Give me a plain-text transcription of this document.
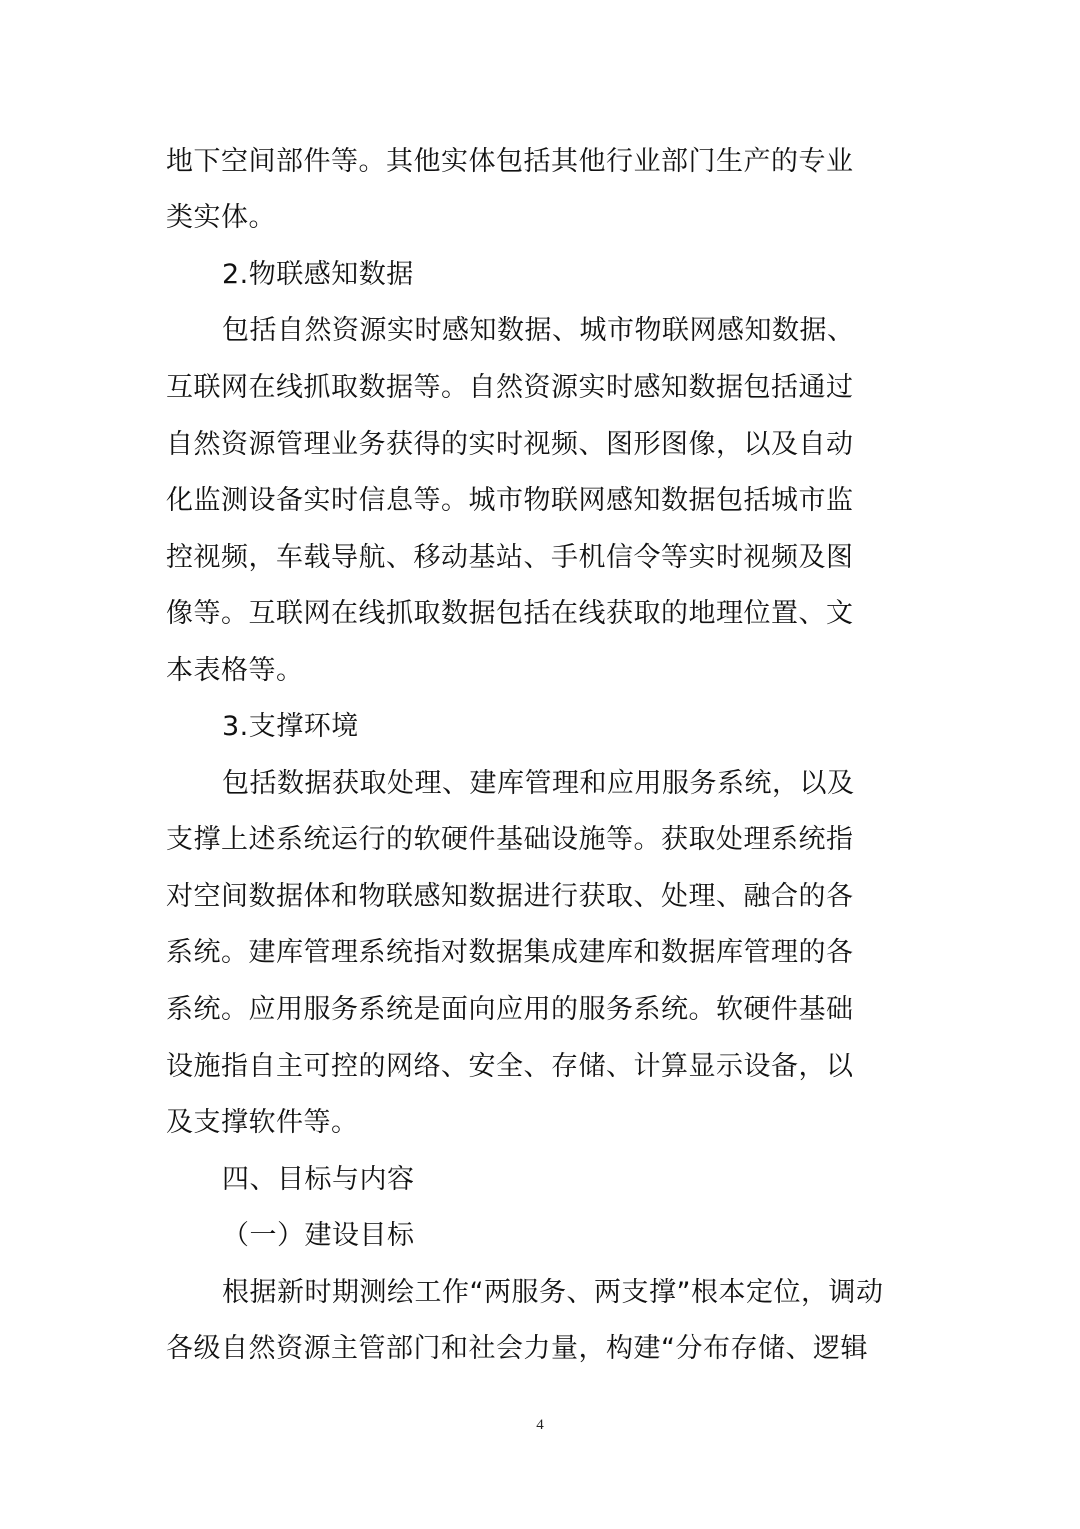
地下空间部件等。其他实体包括其他行业部门生产的专业
类实体。
2.物联感知数据
包括自然资源实时感知数据、城市物联网感知数据、
互联网在线抓取数据等。自然资源实时感知数据包括通过
自然资源管理业务获得的实时视频、图形图像，以及自动
化监测设备实时信息等。城市物联网感知数据包括城市监
控视频，车载导航、移动基站、手机信令等实时视频及图
像等。互联网在线抓取数据包括在线获取的地理位置、文
本表格等。
3.支撑环境
包括数据获取处理、建库管理和应用服务系统，以及
支撑上述系统运行的软硬件基础设施等。获取处理系统指
对空间数据体和物联感知数据进行获取、处理、融合的各
系统。建库管理系统指对数据集成建库和数据库管理的各
系统。应用服务系统是面向应用的服务系统。软硬件基础
设施指自主可控的网络、安全、存储、计算显示设备，以
及支撑软件等。
四、目标与内容
（一）建设目标
根据新时期测绘工作“两服务、两支撑”根本定位，调动
各级自然资源主管部门和社会力量，构建“分布存储、逻辑
4
